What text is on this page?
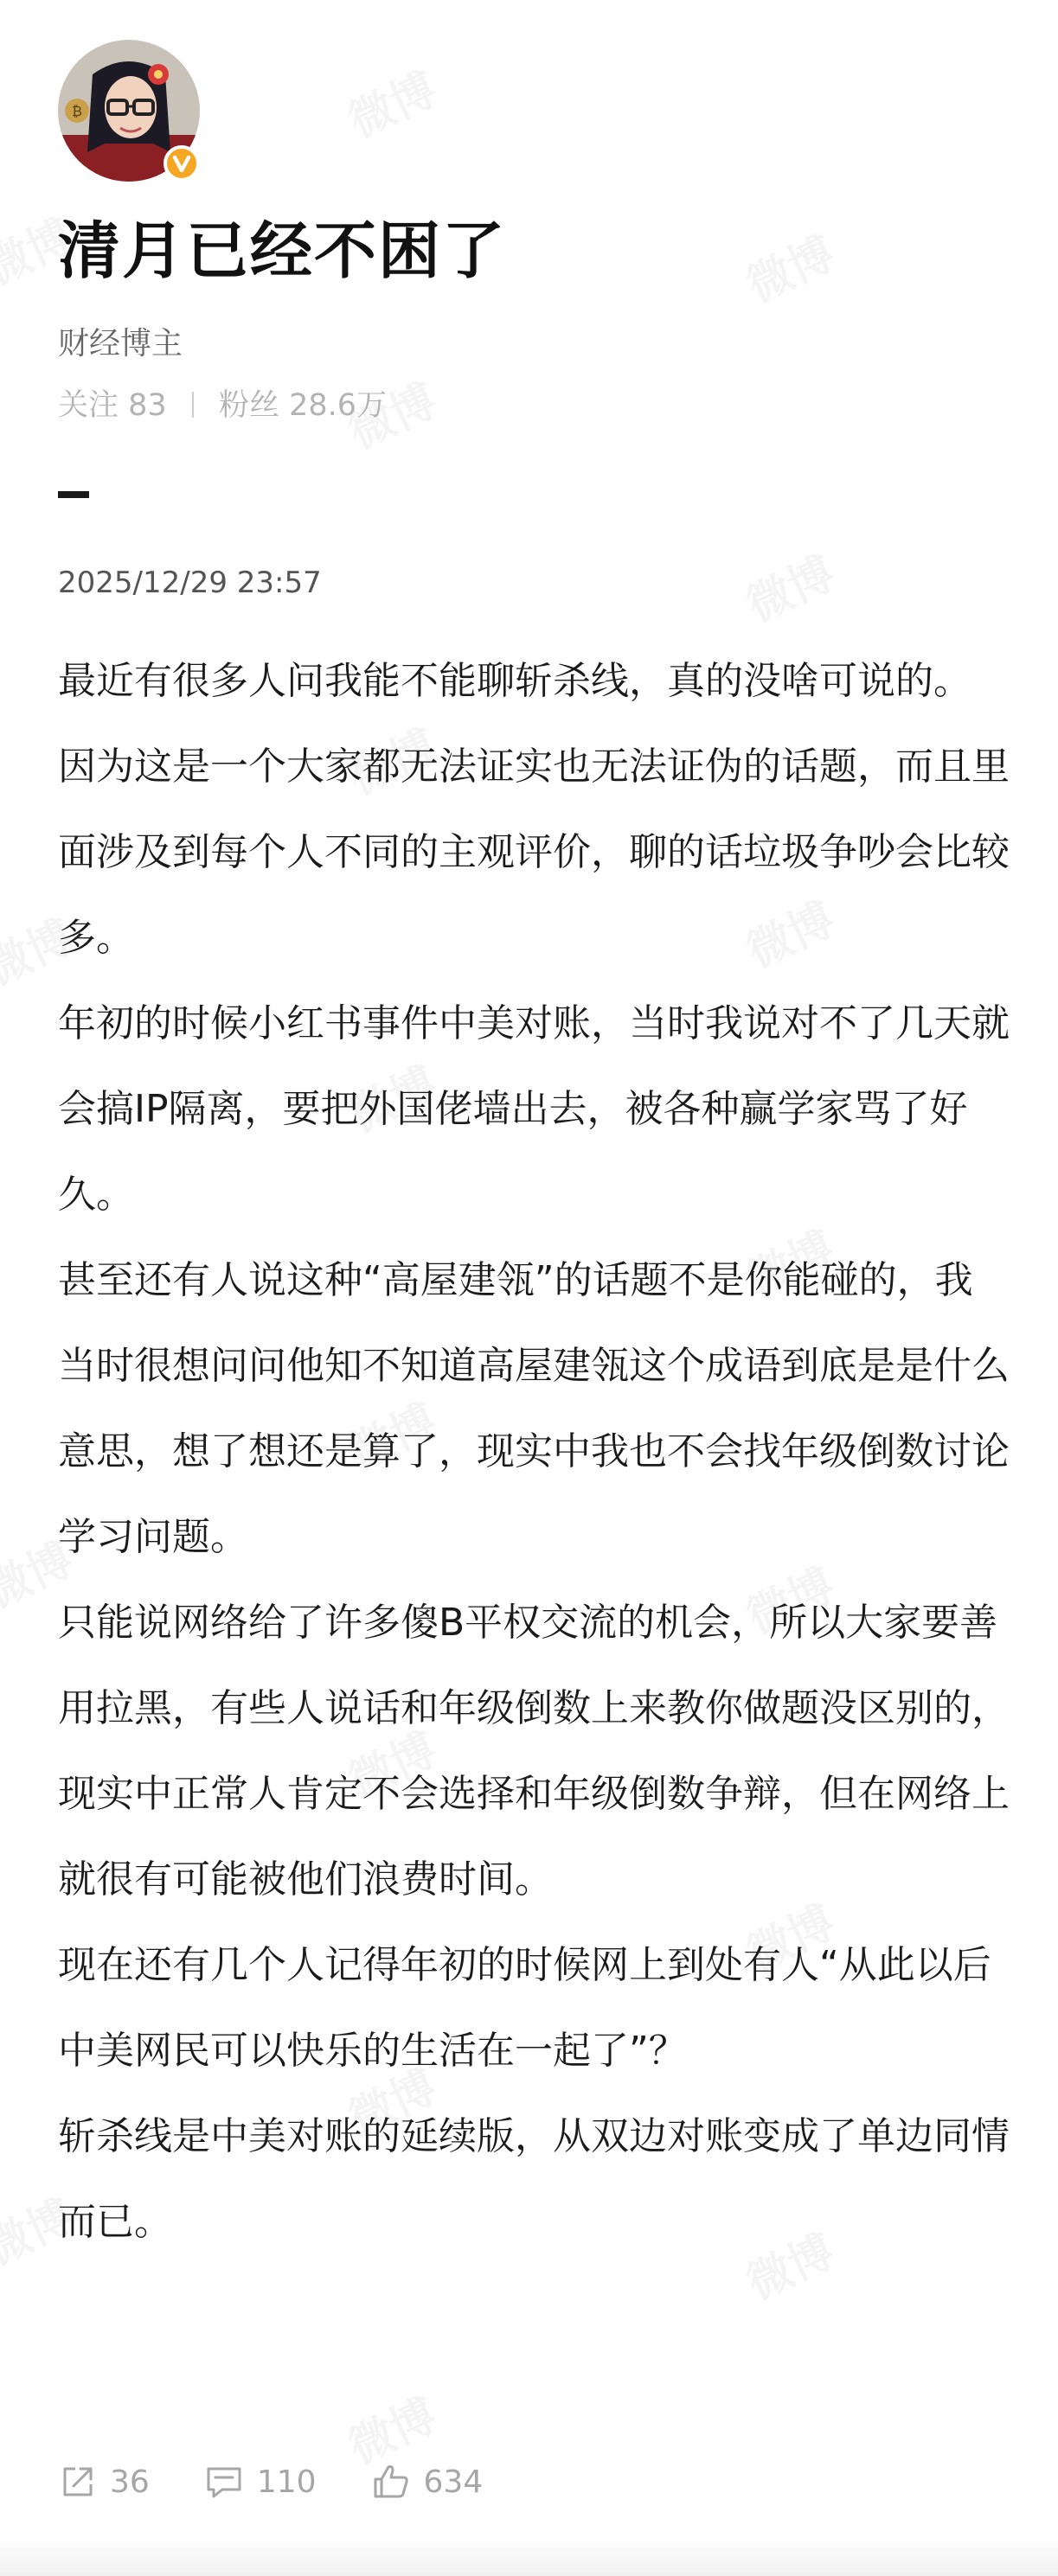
₿
清月已经不困了
财经博主
关注 83 粉丝 28.6万
2025/12/29 23:57

最近有很多人问我能不能聊斩杀线，真的没啥可说的。

因为这是一个大家都无法证实也无法证伪的话题，而且里面涉及到每个人不同的主观评价，聊的话垃圾争吵会比较多。

年初的时候小红书事件中美对账，当时我说对不了几天就会搞IP隔离，要把外国佬墙出去，被各种赢学家骂了好久。

甚至还有人说这种“高屋建瓴”的话题不是你能碰的，我当时很想问问他知不知道高屋建瓴这个成语到底是是什么意思，想了想还是算了，现实中我也不会找年级倒数讨论学习问题。

只能说网络给了许多傻B平权交流的机会，所以大家要善用拉黑，有些人说话和年级倒数上来教你做题没区别的，现实中正常人肯定不会选择和年级倒数争辩，但在网络上就很有可能被他们浪费时间。

现在还有几个人记得年初的时候网上到处有人“从此以后中美网民可以快乐的生活在一起了”？

斩杀线是中美对账的延续版，从双边对账变成了单边同情而已。

36	110	634
